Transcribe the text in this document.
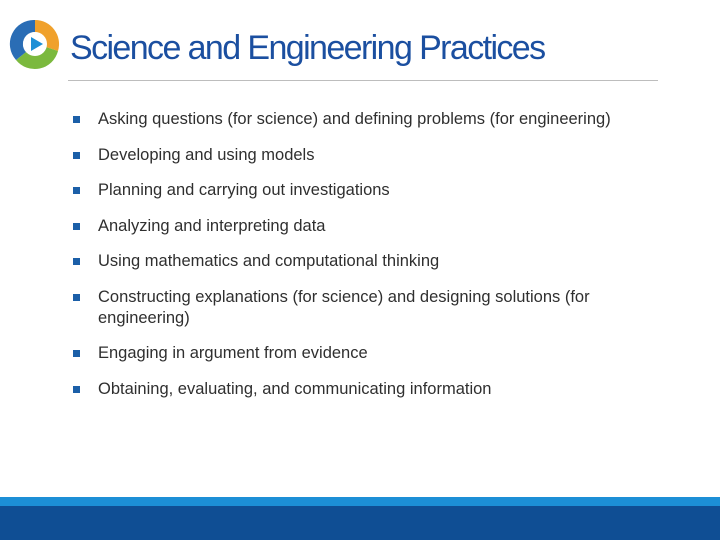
Science and Engineering Practices
Asking questions (for science) and defining problems (for engineering)
Developing and using models
Planning and carrying out investigations
Analyzing and interpreting data
Using mathematics and computational thinking
Constructing explanations (for science) and designing solutions (for engineering)
Engaging in argument from evidence
Obtaining, evaluating, and communicating information
